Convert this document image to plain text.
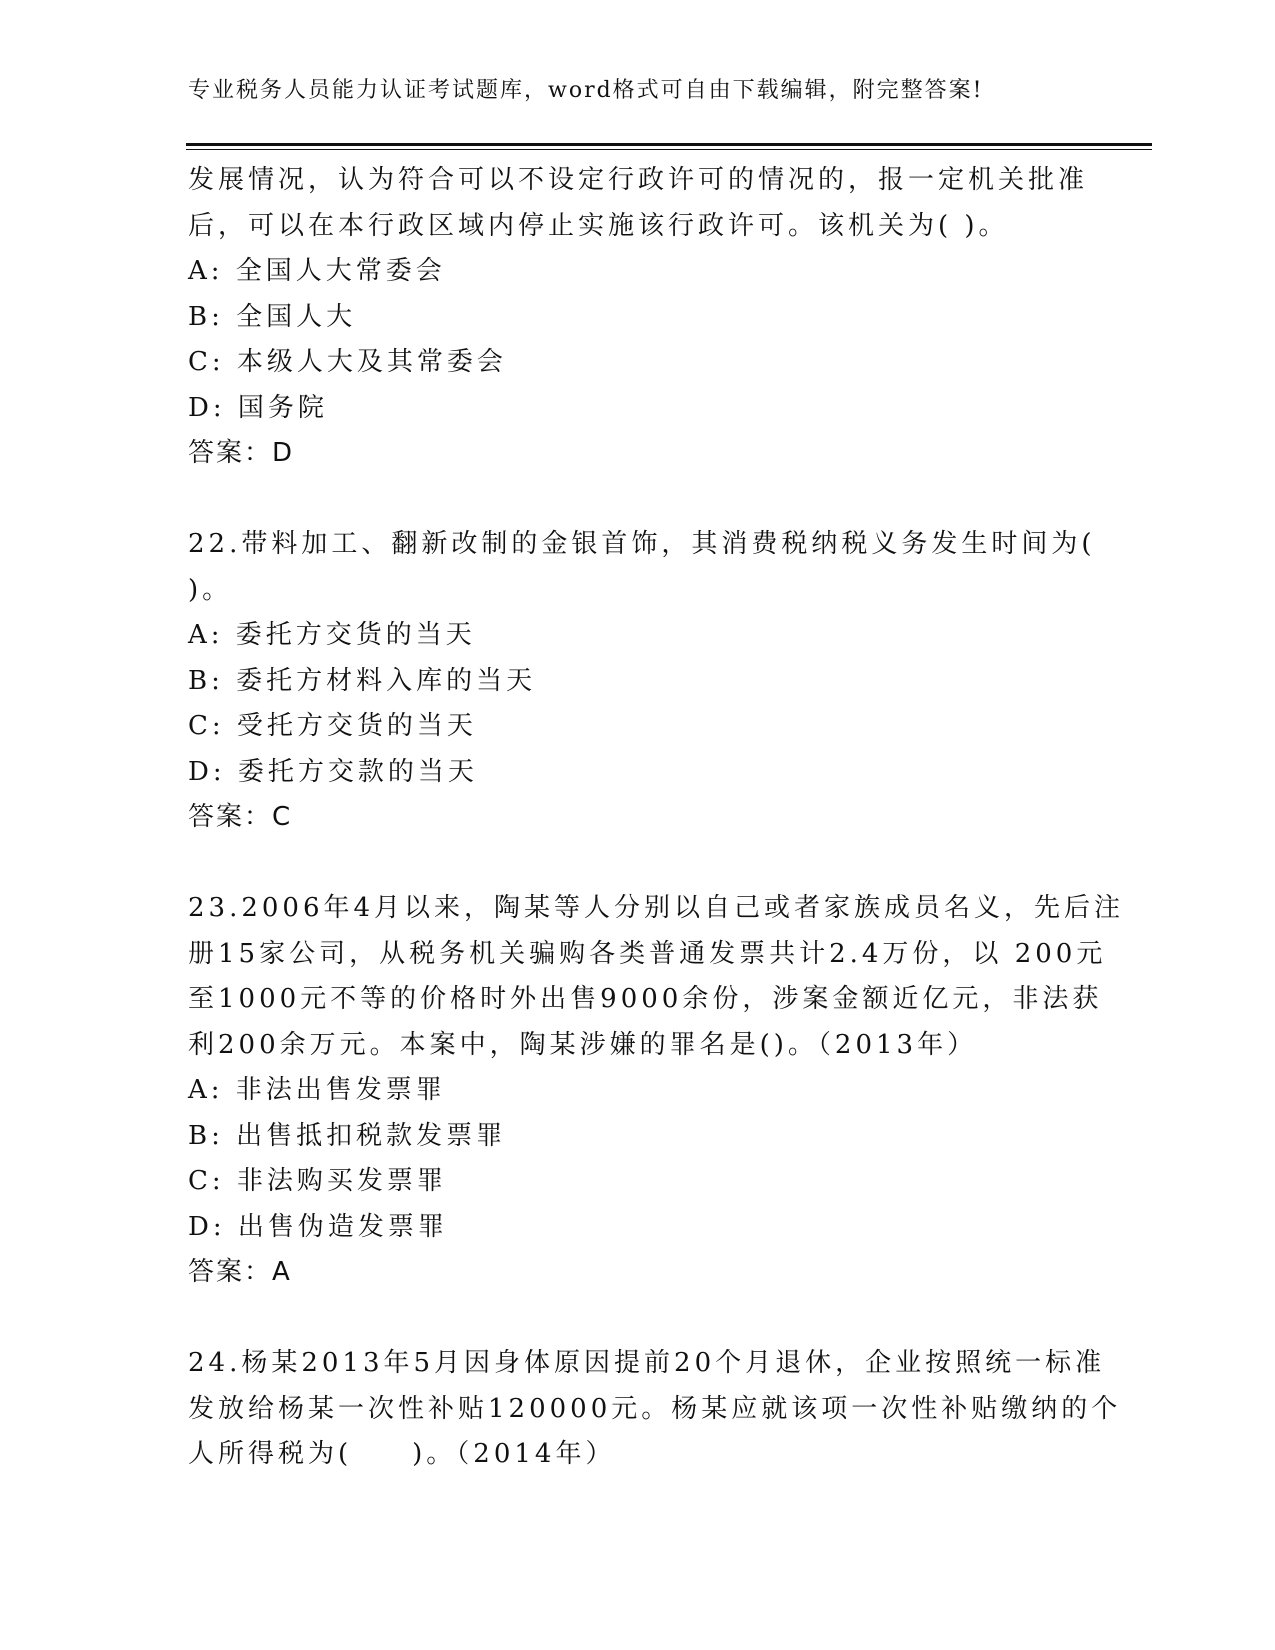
专业税务人员能力认证考试题库，word格式可自由下载编辑，附完整答案!
发展情况，认为符合可以不设定行政许可的情况的，报一定机关批准
后，可以在本行政区域内停止实施该行政许可。该机关为( )。
A: 全国人大常委会
B: 全国人大
C: 本级人大及其常委会
D: 国务院
答案：D
22.带料加工、翻新改制的金银首饰，其消费税纳税义务发生时间为(
)。
A: 委托方交货的当天
B: 委托方材料入库的当天
C: 受托方交货的当天
D: 委托方交款的当天
答案：C
23.2006年4月以来，陶某等人分别以自己或者家族成员名义，先后注
册15家公司，从税务机关骗购各类普通发票共计2.4万份，以 200元
至1000元不等的价格时外出售9000余份，涉案金额近亿元，非法获
利200余万元。本案中，陶某涉嫌的罪名是()。（2013年）
A: 非法出售发票罪
B: 出售抵扣税款发票罪
C: 非法购买发票罪
D: 出售伪造发票罪
答案：A
24.杨某2013年5月因身体原因提前20个月退休，企业按照统一标准
发放给杨某一次性补贴120000元。杨某应就该项一次性补贴缴纳的个
人所得税为(　　)。（2014年）
